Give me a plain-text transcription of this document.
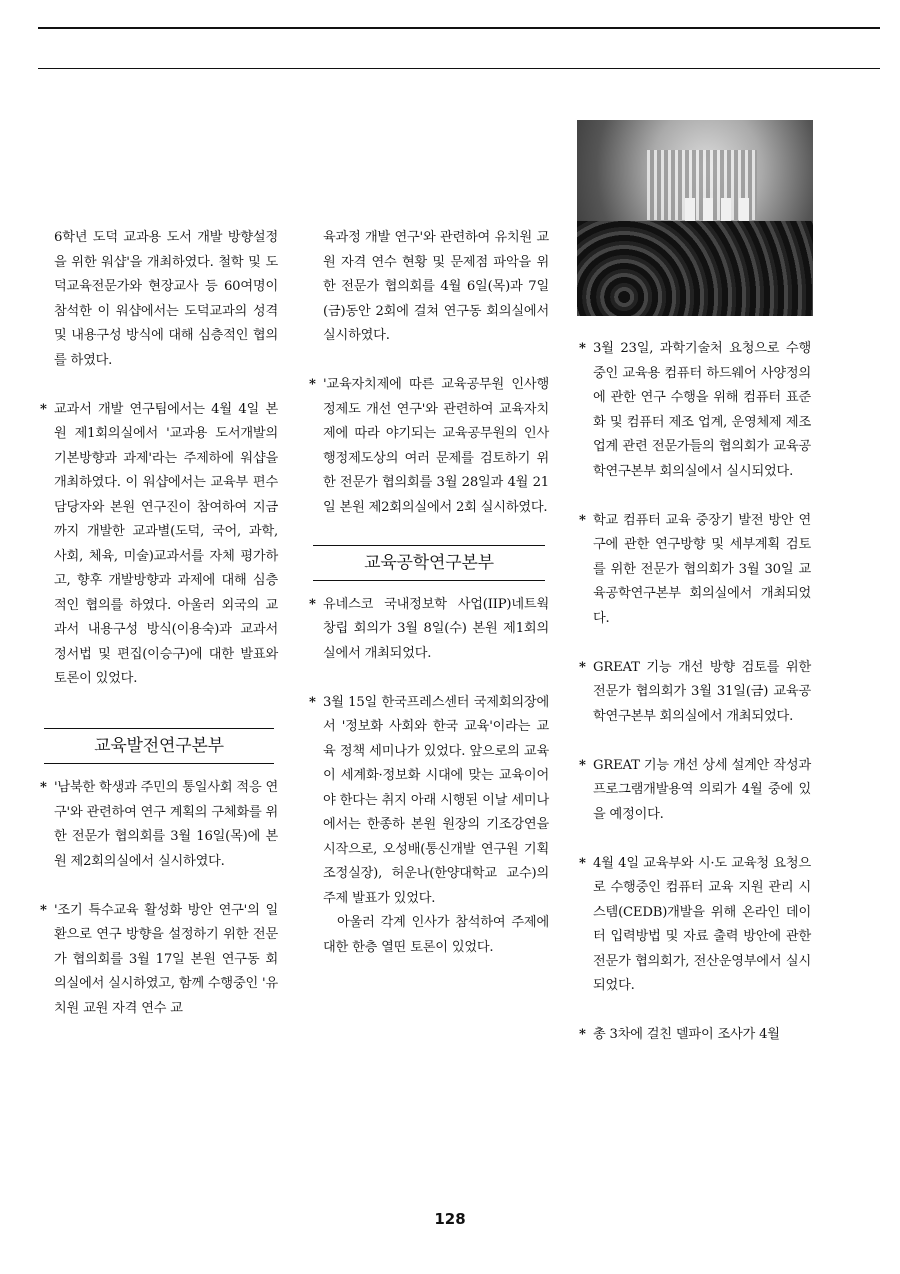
6학년 도덕 교과용 도서 개발 방향설정을 위한 워샵'을 개최하였다. 철학 및 도덕교육전문가와 현장교사 등 60여명이 참석한 이 워샵에서는 도덕교과의 성격 및 내용구성 방식에 대해 심층적인 협의를 하였다.

* 교과서 개발 연구팀에서는 4월 4일 본원 제1회의실에서 '교과용 도서개발의 기본방향과 과제'라는 주제하에 워샵을 개최하였다. 이 워샵에서는 교육부 편수담당자와 본원 연구진이 참여하여 지금까지 개발한 교과별(도덕, 국어, 과학, 사회, 체육, 미술)교과서를 자체 평가하고, 향후 개발방향과 과제에 대해 심층적인 협의를 하였다. 아울러 외국의 교과서 내용구성 방식(이용숙)과 교과서 정서법 및 편집(이승구)에 대한 발표와 토론이 있었다.

교육발전연구본부

* '남북한 학생과 주민의 통일사회 적응 연구'와 관련하여 연구 계획의 구체화를 위한 전문가 협의회를 3월 16일(목)에 본원 제2회의실에서 실시하였다.

* '조기 특수교육 활성화 방안 연구'의 일환으로 연구 방향을 설정하기 위한 전문가 협의회를 3월 17일 본원 연구동 회의실에서 실시하였고, 함께 수행중인 '유치원 교원 자격 연수 교

육과정 개발 연구'와 관련하여 유치원 교원 자격 연수 현황 및 문제점 파악을 위한 전문가 협의회를 4월 6일(목)과 7일(금)동안 2회에 걸쳐 연구동 회의실에서 실시하였다.

* '교육자치제에 따른 교육공무원 인사행정제도 개선 연구'와 관련하여 교육자치제에 따라 야기되는 교육공무원의 인사행정제도상의 여러 문제를 검토하기 위한 전문가 협의회를 3월 28일과 4월 21일 본원 제2회의실에서 2회 실시하였다.

교육공학연구본부

* 유네스코 국내정보학 사업(IIP)네트웍 창립 회의가 3월 8일(수) 본원 제1회의실에서 개최되었다.

* 3월 15일 한국프레스센터 국제회의장에서 '정보화 사회와 한국 교육'이라는 교육 정책 세미나가 있었다. 앞으로의 교육이 세계화·정보화 시대에 맞는 교육이어야 한다는 취지 아래 시행된 이날 세미나에서는 한종하 본원 원장의 기조강연을 시작으로, 오성배(통신개발 연구원 기획조정실장), 허운나(한양대학교 교수)의 주제 발표가 있었다.

아울러 각계 인사가 참석하여 주제에 대한 한층 열띤 토론이 있었다.

* 3월 23일, 과학기술처 요청으로 수행 중인 교육용 컴퓨터 하드웨어 사양정의에 관한 연구 수행을 위해 컴퓨터 표준화 및 컴퓨터 제조 업계, 운영체제 제조업계 관련 전문가들의 협의회가 교육공학연구본부 회의실에서 실시되었다.

* 학교 컴퓨터 교육 중장기 발전 방안 연구에 관한 연구방향 및 세부계획 검토를 위한 전문가 협의회가 3월 30일 교육공학연구본부 회의실에서 개최되었다.

* GREAT 기능 개선 방향 검토를 위한 전문가 협의회가 3월 31일(금) 교육공학연구본부 회의실에서 개최되었다.

* GREAT 기능 개선 상세 설계안 작성과 프로그램개발용역 의뢰가 4월 중에 있을 예정이다.

* 4월 4일 교육부와 시·도 교육청 요청으로 수행중인 컴퓨터 교육 지원 관리 시스템(CEDB)개발을 위해 온라인 데이터 입력방법 및 자료 출력 방안에 관한 전문가 협의회가, 전산운영부에서 실시되었다.

* 총 3차에 걸친 델파이 조사가 4월

128
